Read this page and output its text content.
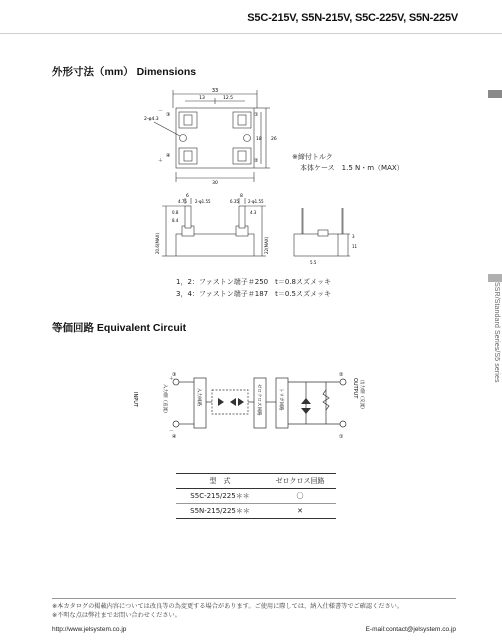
S5C-215V, S5N-215V, S5C-225V, S5N-225V
SSR/Standard Series/S5 series
外形寸法（mm） Dimensions
33
13	12.5
2-φ4.3
－
＋
26
18
30
①
②
③
④	※締付トルク
本体ケース　1.5 N・m（MAX）
6
4.75 2-φ1.55
8
6.35 2-φ1.55
0.8	4.3
8.4
20.6(MAX)	22(MAX)	11
3
5.5
1，2：ファストン端子＃250　t＝0.8スズメッキ
3，4：ファストン端子＃187　t＝0.5スズメッキ
等価回路 Equivalent Circuit
INPUT	入力側（直流）
＋
－
③
④
入力回路	ゼロクロス回路	トリガ回路
②
①
OUTPUT 出力側（交流）
型　式	ゼロクロス回路
S5C-215/225＊＊	〇
S5N-215/225＊＊	✕
※本カタログの掲載内容については改良等の為変更する場合があります。ご使用に際しては、納入仕様書等でご確認ください。
※不明な点は弊社までお問い合わせください。
http://www.jelsystem.co.jp	E-mail:contact@jelsystem.co.jp
